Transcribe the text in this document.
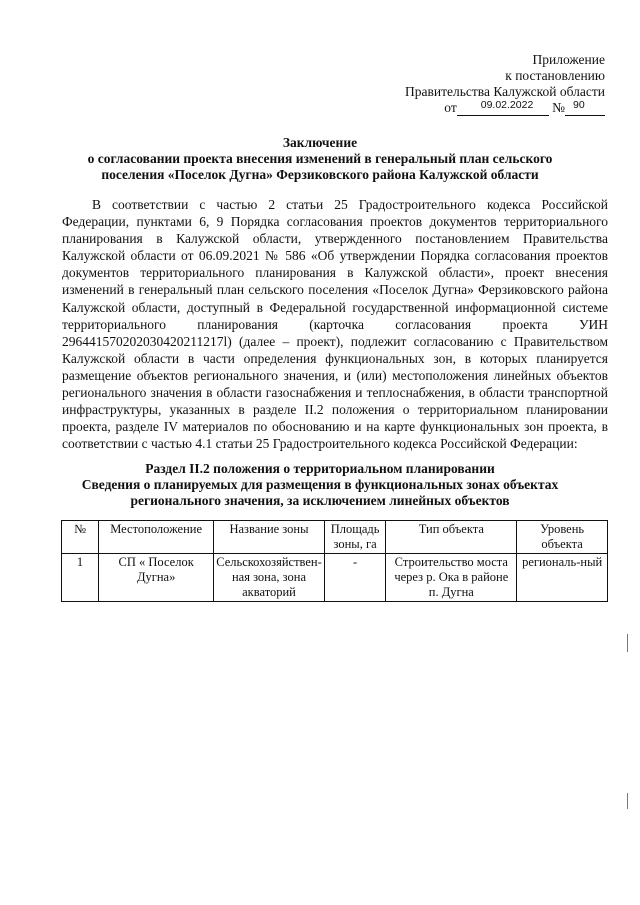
Приложение
к постановлению
Правительства Калужской области
от 09.02.2022 № 90
Заключение
о согласовании проекта внесения изменений в генеральный план сельского
поселения «Поселок Дугна» Ферзиковского района Калужской области

В соответствии с частью 2 статьи 25 Градостроительного кодекса Российской Федерации, пунктами 6, 9 Порядка согласования проектов документов территориального планирования в Калужской области, утвержденного постановлением Правительства Калужской области от 06.09.2021 № 586 «Об утверждении Порядка согласования проектов документов территориального планирования в Калужской области», проект внесения изменений в генеральный план сельского поселения «Поселок Дугна» Ферзиковского района Калужской области, доступный в Федеральной государственной информационной системе территориального планирования (карточка согласования проекта УИН 296441570202030420211217l) (далее – проект), подлежит согласованию с Правительством Калужской области в части определения функциональных зон, в которых планируется размещение объектов регионального значения, и (или) местоположения линейных объектов регионального значения в области газоснабжения и теплоснабжения, в области транспортной инфраструктуры, указанных в разделе II.2 положения о территориальном планировании проекта, разделе IV материалов по обоснованию и на карте функциональных зон проекта, в соответствии с частью 4.1 статьи 25 Градостроительного кодекса Российской Федерации:

Раздел II.2 положения о территориальном планировании
Сведения о планируемых для размещения в функциональных зонах объектах
регионального значения, за исключением линейных объектов
№	Местоположение	Название зоны	Площадь зоны, га	Тип объекта	Уровень объекта
1	СП « Поселок Дугна»	Сельскохозяйствен-ная зона, зона акваторий	-	Строительство моста через р. Ока в районе п. Дугна	региональ-ный
